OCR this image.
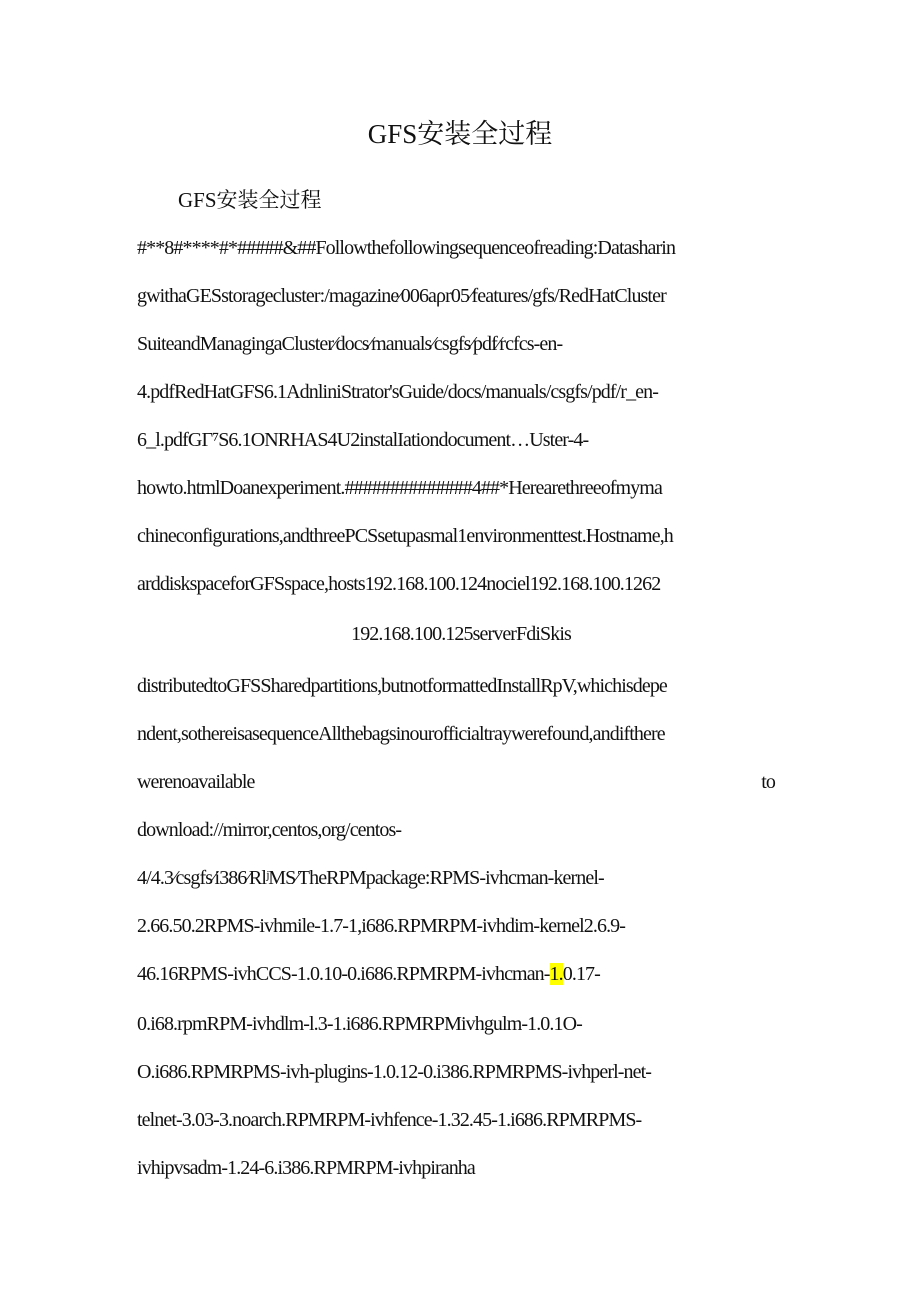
GFS安装全过程
GFS安装全过程
#**8#****#*#####&##Followthefollowingsequenceofreading:Datasharin
gwithaGESstoragecluster:/magazine⁄006aρr05⁄features/gfs/RedHatCluster
SuiteandManagingaCluster⁄docs⁄manuals⁄csgfs⁄pdf⁄rcfcs-en-
4.pdfRedHatGFS6.1AdnliniStrator'sGuide/docs/manuals/csgfs/pdf/r_en-
6_l.pdfGΓ⁷S6.1ONRHAS4U2instalIationdocument…Uster-4-
howto.htmlDoanexperiment.##############4##*Herearethreeofmyma
chineconfigurations,andthreePCSsetupasmal1environmenttest.Hostname,h
arddiskspaceforGFSspace,hosts192.168.100.124nociel192.168.100.1262
192.168.100.125serverFdiSkis
distributedtoGFSSharedpartitions,butnotformattedInstallRpV,whichisdepe
ndent,sothereisasequenceAllthebagsinourofficialtraywerefound,andifthere
werenoavailable	to
download://mirror,centos,org/centos-
4/4.3⁄csgfs⁄i386⁄RlʲMS⁄TheRPMpackage:RPMS-ivhcman-kernel-
2.66.50.2RPMS-ivhmile-1.7-1,i686.RPMRPM-ivhdim-kernel2.6.9-
46.16RPMS-ivhCCS-1.0.10-0.i686.RPMRPM-ivhcman-1.0.17-
0.i68.rpmRPM-ivhdlm-l.3-1.i686.RPMRPMivhgulm-1.0.1O-
O.i686.RPMRPMS-ivh-plugins-1.0.12-0.i386.RPMRPMS-ivhperl-net-
telnet-3.03-3.noarch.RPMRPM-ivhfence-1.32.45-1.i686.RPMRPMS-
ivhipvsadm-1.24-6.i386.RPMRPM-ivhpiranha
